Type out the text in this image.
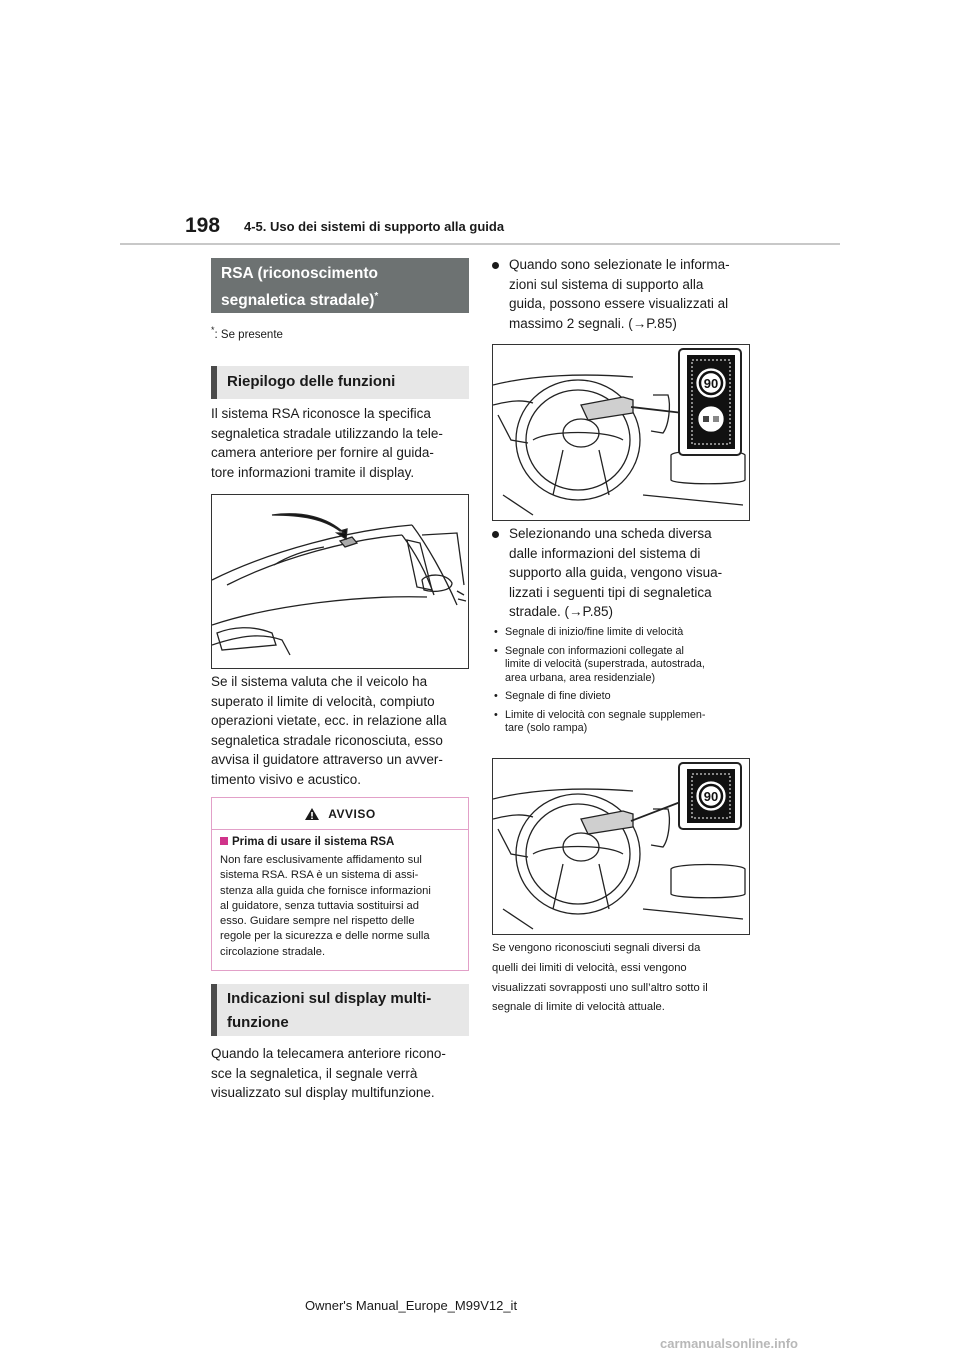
198 4-5. Uso dei sistemi di supporto alla guida
RSA (riconoscimento
segnaletica stradale)*
*: Se presente
Riepilogo delle funzioni
Il sistema RSA riconosce la specifica
segnaletica stradale utilizzando la tele-
camera anteriore per fornire al guida-
tore informazioni tramite il display.
Se il sistema valuta che il veicolo ha
superato il limite di velocità, compiuto
operazioni vietate, ecc. in relazione alla
segnaletica stradale riconosciuta, esso
avvisa il guidatore attraverso un avver-
timento visivo e acustico.
AVVISO
Prima di usare il sistema RSA
Non fare esclusivamente affidamento sul
sistema RSA. RSA è un sistema di assi-
stenza alla guida che fornisce informazioni
al guidatore, senza tuttavia sostituirsi ad
esso. Guidare sempre nel rispetto delle
regole per la sicurezza e delle norme sulla
circolazione stradale.
Indicazioni sul display multi-
funzione
Quando la telecamera anteriore ricono-
sce la segnaletica, il segnale verrà
visualizzato sul display multifunzione.
Quando sono selezionate le informa-
zioni sul sistema di supporto alla
guida, possono essere visualizzati al
massimo 2 segnali. (→P.85)
90
Selezionando una scheda diversa
dalle informazioni del sistema di
supporto alla guida, vengono visua-
lizzati i seguenti tipi di segnaletica
stradale. (→P.85)
• Segnale di inizio/fine limite di velocità
• Segnale con informazioni collegate al
limite di velocità (superstrada, autostrada,
area urbana, area residenziale)
• Segnale di fine divieto
• Limite di velocità con segnale supplemen-
tare (solo rampa)
90
Se vengono riconosciuti segnali diversi da
quelli dei limiti di velocità, essi vengono
visualizzati sovrapposti uno sull’altro sotto il
segnale di limite di velocità attuale.
Owner's Manual_Europe_M99V12_it
carmanualsonline.info
